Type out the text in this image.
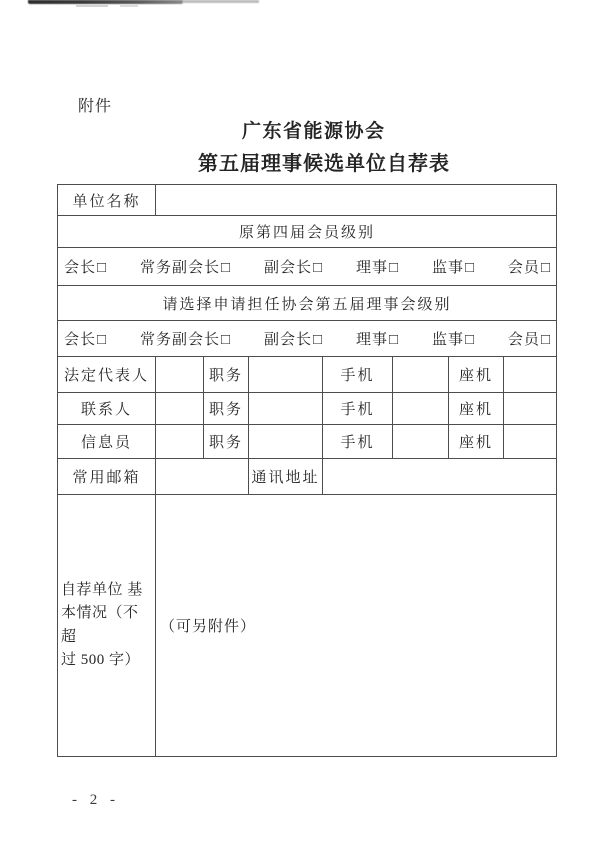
附件
广东省能源协会
第五届理事候选单位自荐表
单位名称							
原第四届会员级别							

会长□ 常务副会长□ 副会长□ 理事□ 监事□ 会员□

请选择申请担任协会第五届理事会级别							

会长□ 常务副会长□ 副会长□ 理事□ 监事□ 会员□

法定代表人		职务		手机		座机	
联系人		职务		手机		座机	
信息员		职务		手机		座机	
常用邮箱			通讯地址				

自荐单位 基
本情况（不超
过 500 字）	（可另附件）						
- 2 -
